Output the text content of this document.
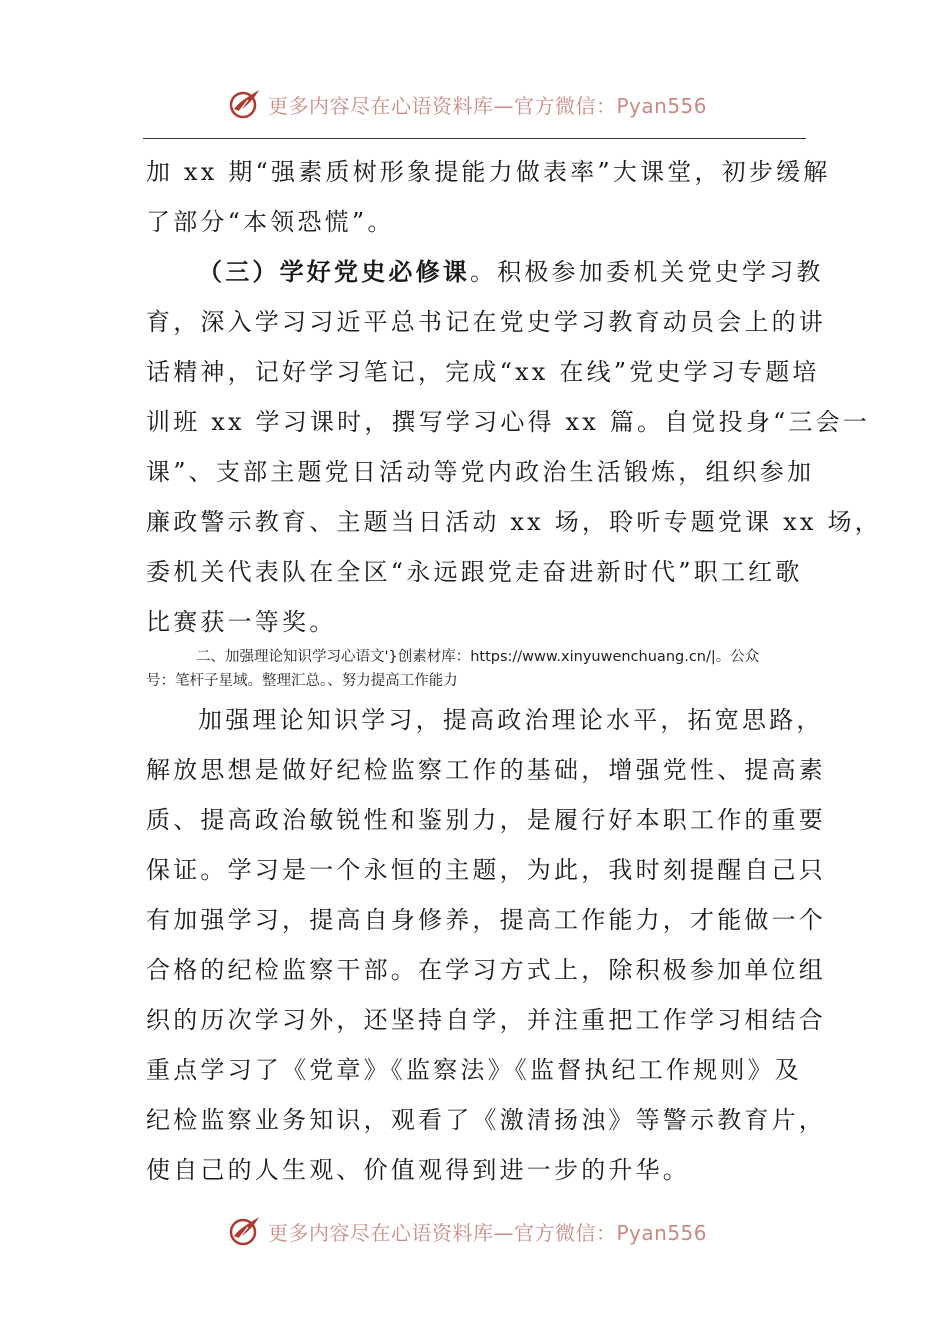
更多内容尽在心语资料库—官方微信：Pyan556
加 xx 期“强素质树形象提能力做表率”大课堂，初步缓解
了部分“本领恐慌”。
（三）学好党史必修课。积极参加委机关党史学习教
育，深入学习习近平总书记在党史学习教育动员会上的讲
话精神，记好学习笔记，完成“xx 在线”党史学习专题培
训班 xx 学习课时，撰写学习心得 xx 篇。自觉投身“三会一
课”、支部主题党日活动等党内政治生活锻炼，组织参加
廉政警示教育、主题当日活动 xx 场，聆听专题党课 xx 场，
委机关代表队在全区“永远跟党走奋进新时代”职工红歌
比赛获一等奖。
二、加强理论知识学习心语文'}创素材库：https://www.xinyuwenchuang.cn/|。公众
号：笔杆子星域。整理汇总。、努力提高工作能力
加强理论知识学习，提高政治理论水平，拓宽思路，
解放思想是做好纪检监察工作的基础，增强党性、提高素
质、提高政治敏锐性和鉴别力，是履行好本职工作的重要
保证。学习是一个永恒的主题，为此，我时刻提醒自己只
有加强学习，提高自身修养，提高工作能力，才能做一个
合格的纪检监察干部。在学习方式上，除积极参加单位组
织的历次学习外，还坚持自学，并注重把工作学习相结合
重点学习了《党章》《监察法》《监督执纪工作规则》及
纪检监察业务知识，观看了《激清扬浊》等警示教育片，
使自己的人生观、价值观得到进一步的升华。
更多内容尽在心语资料库—官方微信：Pyan556
